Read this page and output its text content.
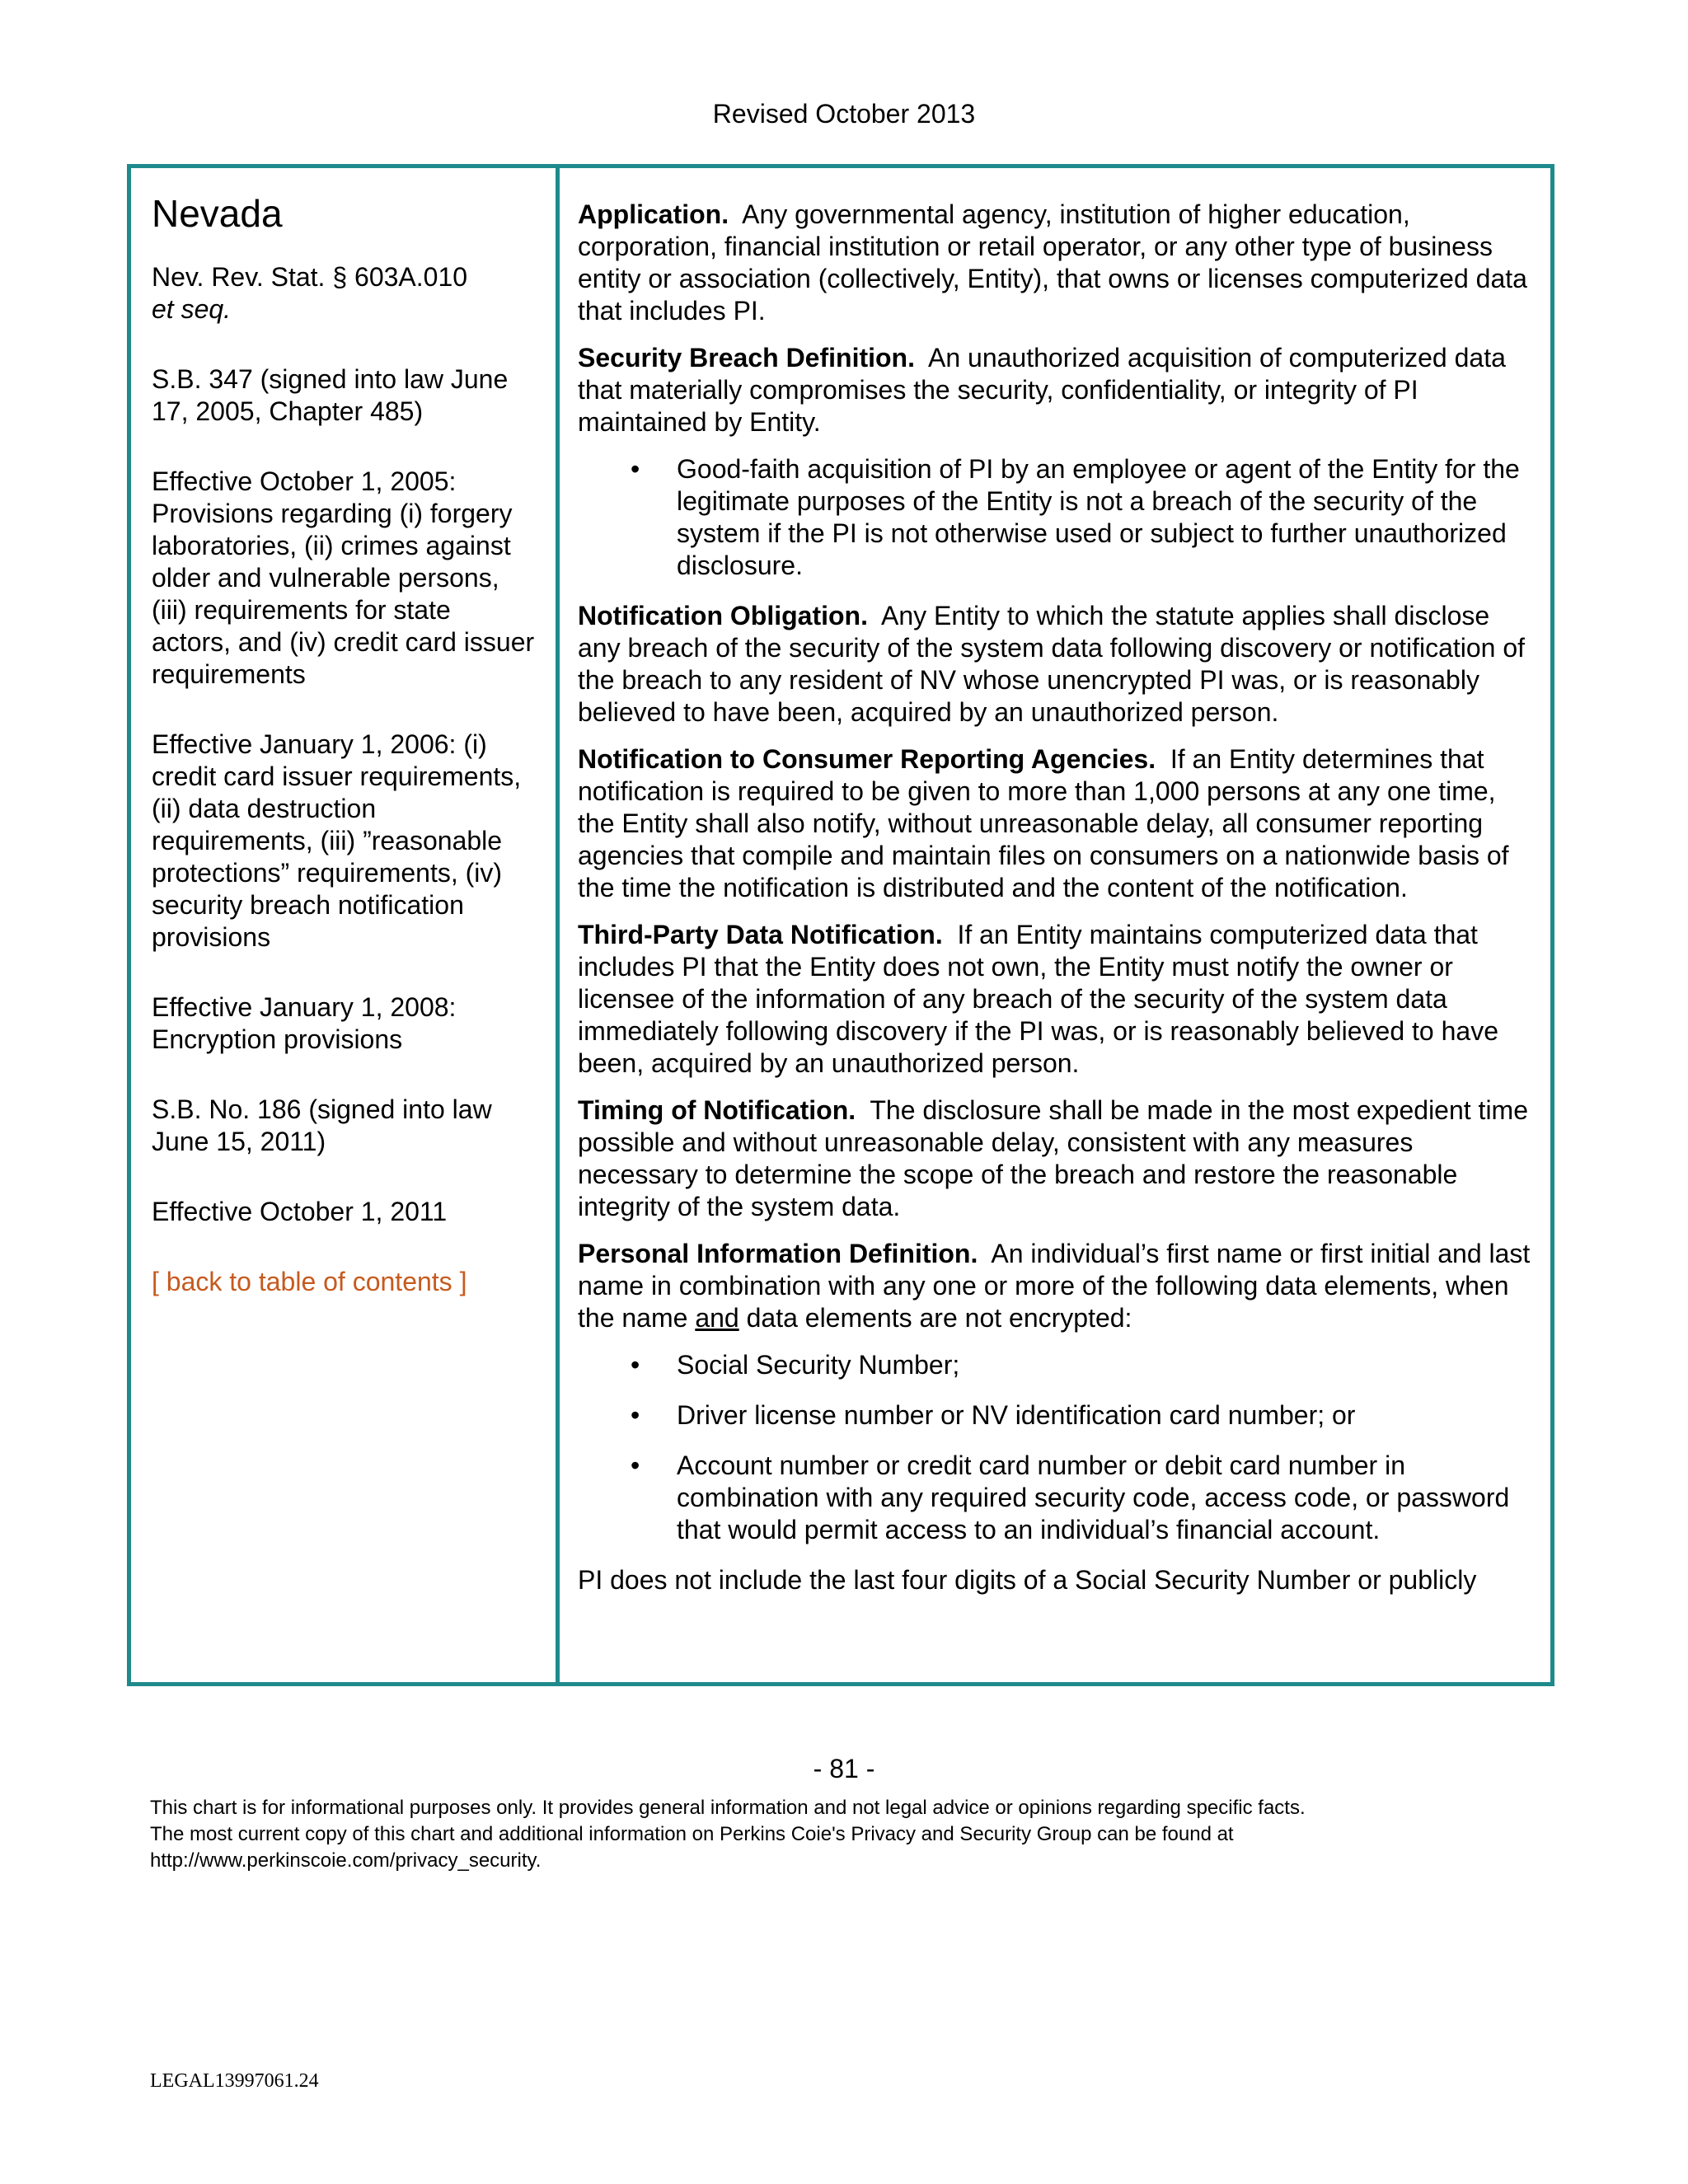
Revised October 2013
Nevada

Nev. Rev. Stat. § 603A.010
et seq.

S.B. 347 (signed into law June 17, 2005, Chapter 485)

Effective October 1, 2005: Provisions regarding (i) forgery laboratories, (ii) crimes against older and vulnerable persons, (iii) requirements for state actors, and (iv) credit card issuer requirements

Effective January 1, 2006: (i) credit card issuer requirements, (ii) data destruction requirements, (iii) ”reasonable protections” requirements, (iv) security breach notification provisions

Effective January 1, 2008: Encryption provisions

S.B. No. 186 (signed into law June 15, 2011)

Effective October 1, 2011

[ back to table of contents ]

Application. Any governmental agency, institution of higher education, corporation, financial institution or retail operator, or any other type of business entity or association (collectively, Entity), that owns or licenses computerized data that includes PI.

Security Breach Definition. An unauthorized acquisition of computerized data that materially compromises the security, confidentiality, or integrity of PI maintained by Entity.

• Good-faith acquisition of PI by an employee or agent of the Entity for the legitimate purposes of the Entity is not a breach of the security of the system if the PI is not otherwise used or subject to further unauthorized disclosure.

Notification Obligation. Any Entity to which the statute applies shall disclose any breach of the security of the system data following discovery or notification of the breach to any resident of NV whose unencrypted PI was, or is reasonably believed to have been, acquired by an unauthorized person.

Notification to Consumer Reporting Agencies. If an Entity determines that notification is required to be given to more than 1,000 persons at any one time, the Entity shall also notify, without unreasonable delay, all consumer reporting agencies that compile and maintain files on consumers on a nationwide basis of the time the notification is distributed and the content of the notification.

Third-Party Data Notification. If an Entity maintains computerized data that includes PI that the Entity does not own, the Entity must notify the owner or licensee of the information of any breach of the security of the system data immediately following discovery if the PI was, or is reasonably believed to have been, acquired by an unauthorized person.

Timing of Notification. The disclosure shall be made in the most expedient time possible and without unreasonable delay, consistent with any measures necessary to determine the scope of the breach and restore the reasonable integrity of the system data.

Personal Information Definition. An individual’s first name or first initial and last name in combination with any one or more of the following data elements, when the name and data elements are not encrypted:

• Social Security Number;
• Driver license number or NV identification card number; or
• Account number or credit card number or debit card number in combination with any required security code, access code, or password that would permit access to an individual’s financial account.

PI does not include the last four digits of a Social Security Number or publicly

- 81 -
This chart is for informational purposes only. It provides general information and not legal advice or opinions regarding specific facts.
The most current copy of this chart and additional information on Perkins Coie's Privacy and Security Group can be found at
http://www.perkinscoie.com/privacy_security.
LEGAL13997061.24
